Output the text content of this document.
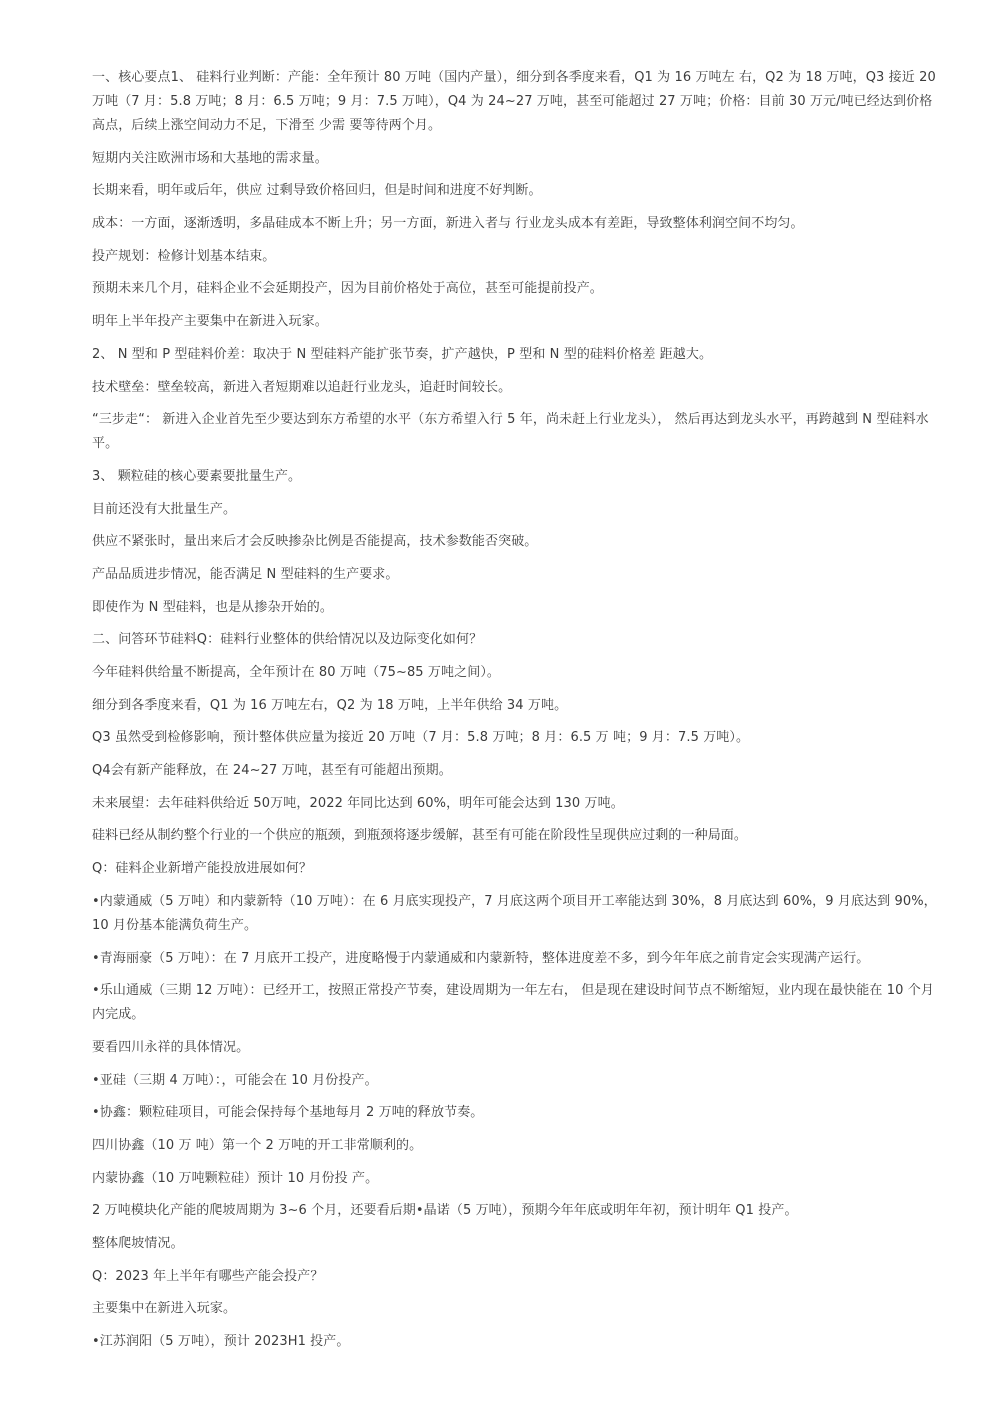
一、核心要点1、 硅料行业判断：产能：全年预计 80 万吨（国内产量），细分到各季度来看，Q1 为 16 万吨左 右，Q2 为 18 万吨，Q3 接近 20 万吨（7 月：5.8 万吨；8 月：6.5 万吨；9 月：7.5 万吨），Q4 为 24~27 万吨，甚至可能超过 27 万吨；价格：目前 30 万元/吨已经达到价格高点，后续上涨空间动力不足，下滑至 少需 要等待两个月。

短期内关注欧洲市场和大基地的需求量。

长期来看，明年或后年，供应 过剩导致价格回归，但是时间和进度不好判断。

成本：一方面，逐渐透明，多晶硅成本不断上升；另一方面，新进入者与 行业龙头成本有差距，导致整体利润空间不均匀。

投产规划：检修计划基本结束。

预期未来几个月，硅料企业不会延期投产，因为目前价格处于高位，甚至可能提前投产。

明年上半年投产主要集中在新进入玩家。

2、 N 型和 P 型硅料价差：取决于 N 型硅料产能扩张节奏，扩产越快，P 型和 N 型的硅料价格差 距越大。

技术壁垒：壁垒较高，新进入者短期难以追赶行业龙头，追赶时间较长。

“三步走“： 新进入企业首先至少要达到东方希望的水平（东方希望入行 5 年，尚未赶上行业龙头）， 然后再达到龙头水平，再跨越到 N 型硅料水平。

3、 颗粒硅的核心要素要批量生产。

目前还没有大批量生产。

供应不紧张时，量出来后才会反映掺杂比例是否能提高，技术参数能否突破。

产品品质进步情况，能否满足 N 型硅料的生产要求。

即使作为 N 型硅料，也是从掺杂开始的。

二、问答环节硅料Q：硅料行业整体的供给情况以及边际变化如何？

今年硅料供给量不断提高，全年预计在 80 万吨（75~85 万吨之间）。

细分到各季度来看，Q1 为 16 万吨左右，Q2 为 18 万吨，上半年供给 34 万吨。

Q3 虽然受到检修影响，预计整体供应量为接近 20 万吨（7 月：5.8 万吨；8 月：6.5 万 吨；9 月：7.5 万吨）。

Q4会有新产能释放，在 24~27 万吨，甚至有可能超出预期。

未来展望：去年硅料供给近 50万吨，2022 年同比达到 60%，明年可能会达到 130 万吨。

硅料已经从制约整个行业的一个供应的瓶颈，到瓶颈将逐步缓解，甚至有可能在阶段性呈现供应过剩的一种局面。

Q：硅料企业新增产能投放进展如何？

•内蒙通威（5 万吨）和内蒙新特（10 万吨）：在 6 月底实现投产，7 月底这两个项目开工率能达到 30%，8 月底达到 60%，9 月底达到 90%，10 月份基本能满负荷生产。

•青海丽豪（5 万吨）：在 7 月底开工投产，进度略慢于内蒙通威和内蒙新特，整体进度差不多，到今年年底之前肯定会实现满产运行。

•乐山通威（三期 12 万吨）：已经开工，按照正常投产节奏，建设周期为一年左右， 但是现在建设时间节点不断缩短，业内现在最快能在 10 个月内完成。

要看四川永祥的具体情况。

•亚硅（三期 4 万吨）：，可能会在 10 月份投产。

•协鑫：颗粒硅项目，可能会保持每个基地每月 2 万吨的释放节奏。

四川协鑫（10 万 吨）第一个 2 万吨的开工非常顺利的。

内蒙协鑫（10 万吨颗粒硅）预计 10 月份投 产。

2 万吨模块化产能的爬坡周期为 3~6 个月，还要看后期•晶诺（5 万吨），预期今年年底或明年年初，预计明年 Q1 投产。

整体爬坡情况。

Q：2023 年上半年有哪些产能会投产？

主要集中在新进入玩家。

•江苏润阳（5 万吨），预计 2023H1 投产。
